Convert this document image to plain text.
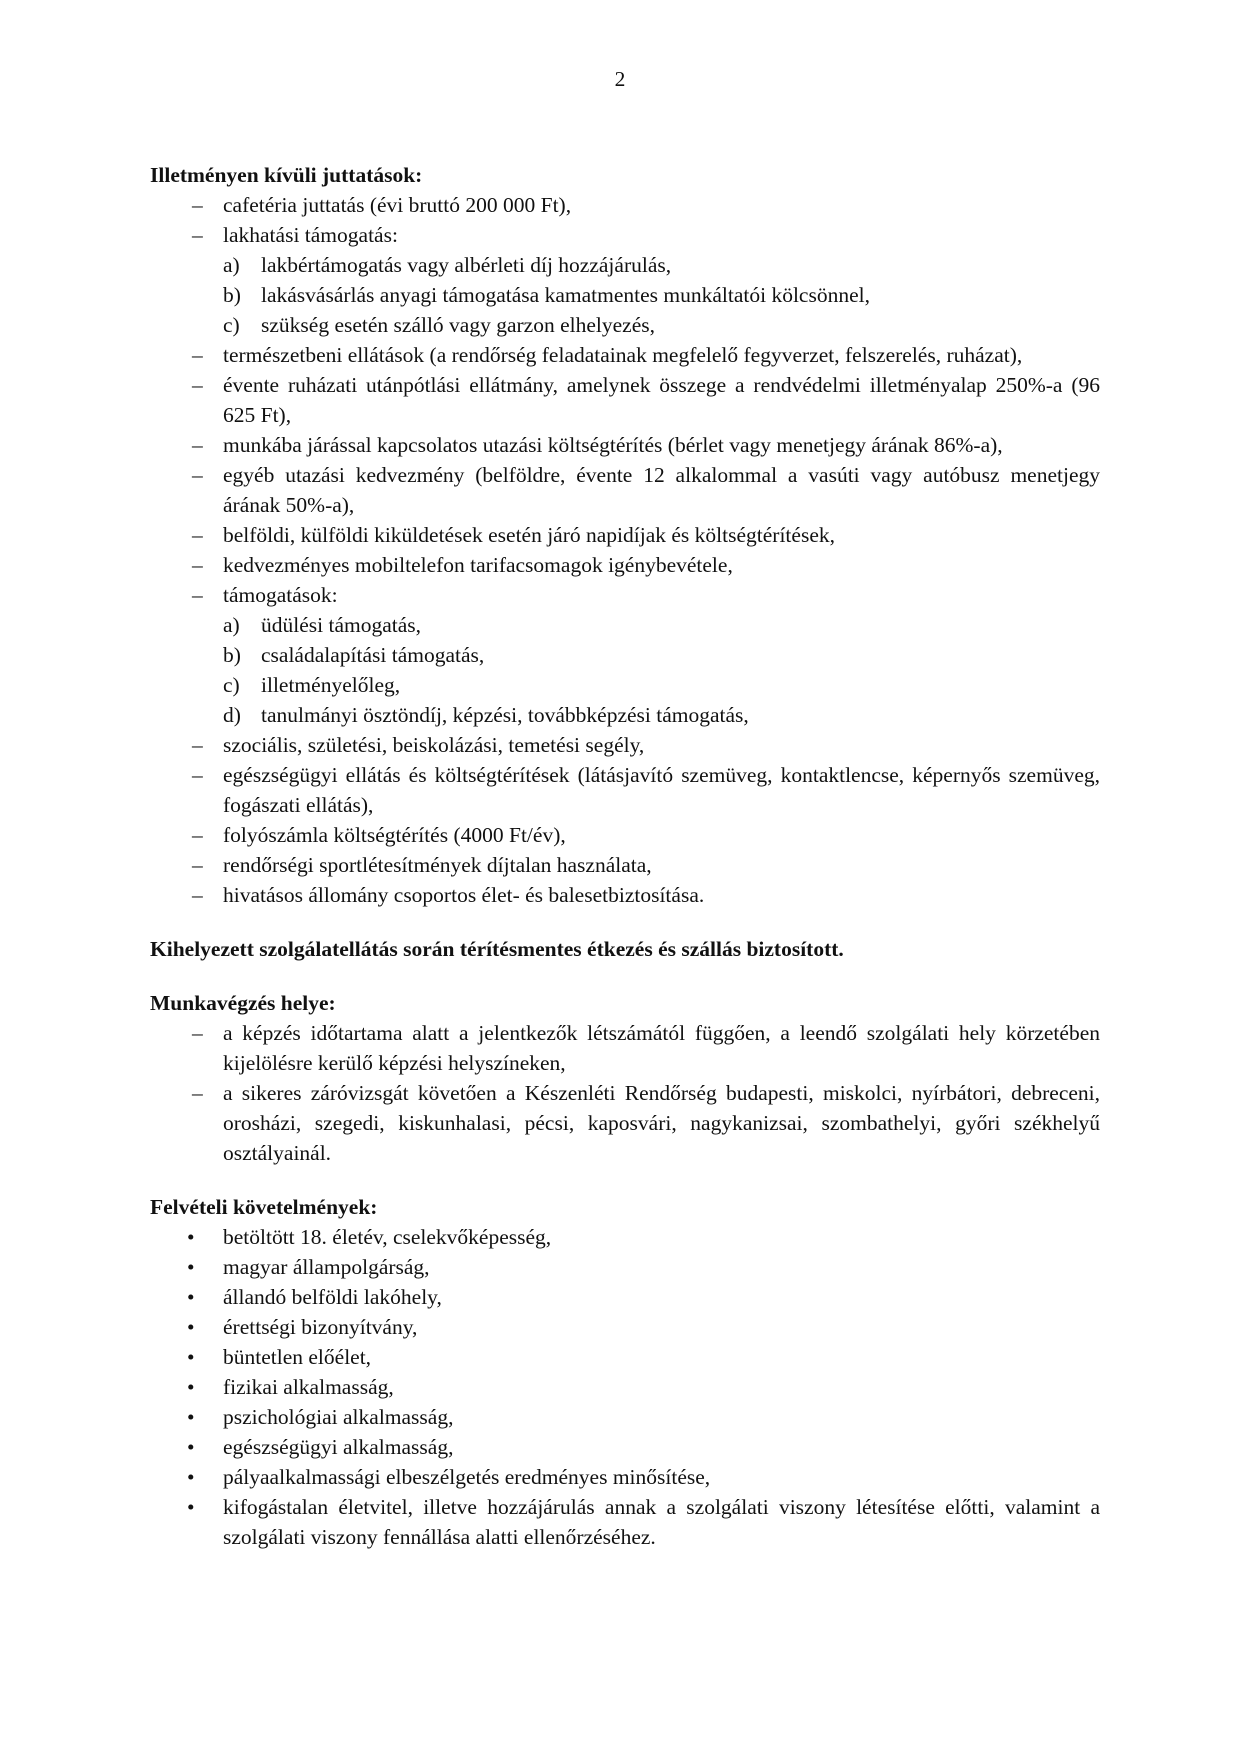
2

Illetményen kívüli juttatások:

– cafetéria juttatás (évi bruttó 200 000 Ft),
– lakhatási támogatás:
a) lakbértámogatás vagy albérleti díj hozzájárulás,
b) lakásvásárlás anyagi támogatása kamatmentes munkáltatói kölcsönnel,
c) szükség esetén szálló vagy garzon elhelyezés,
– természetbeni ellátások (a rendőrség feladatainak megfelelő fegyverzet, felszerelés, ruházat),
– évente ruházati utánpótlási ellátmány, amelynek összege a rendvédelmi illetményalap 250%-a (96 625 Ft),
– munkába járással kapcsolatos utazási költségtérítés (bérlet vagy menetjegy árának 86%-a),
– egyéb utazási kedvezmény (belföldre, évente 12 alkalommal a vasúti vagy autóbusz menetjegy árának 50%-a),
– belföldi, külföldi kiküldetések esetén járó napidíjak és költségtérítések,
– kedvezményes mobiltelefon tarifacsomagok igénybevétele,
– támogatások:
a) üdülési támogatás,
b) családalapítási támogatás,
c) illetményelőleg,
d) tanulmányi ösztöndíj, képzési, továbbképzési támogatás,
– szociális, születési, beiskolázási, temetési segély,
– egészségügyi ellátás és költségtérítések (látásjavító szemüveg, kontaktlencse, képernyős szemüveg, fogászati ellátás),
– folyószámla költségtérítés (4000 Ft/év),
– rendőrségi sportlétesítmények díjtalan használata,
– hivatásos állomány csoportos élet- és balesetbiztosítása.

Kihelyezett szolgálatellátás során térítésmentes étkezés és szállás biztosított.

Munkavégzés helye:

– a képzés időtartama alatt a jelentkezők létszámától függően, a leendő szolgálati hely körzetében kijelölésre kerülő képzési helyszíneken,
– a sikeres záróvizsgát követően a Készenléti Rendőrség budapesti, miskolci, nyírbátori, debreceni, orosházi, szegedi, kiskunhalasi, pécsi, kaposvári, nagykanizsai, szombathelyi, győri székhelyű osztályainál.

Felvételi követelmények:

• betöltött 18. életév, cselekvőképesség,
• magyar állampolgárság,
• állandó belföldi lakóhely,
• érettségi bizonyítvány,
• büntetlen előélet,
• fizikai alkalmasság,
• pszichológiai alkalmasság,
• egészségügyi alkalmasság,
• pályaalkalmassági elbeszélgetés eredményes minősítése,
• kifogástalan életvitel, illetve hozzájárulás annak a szolgálati viszony létesítése előtti, valamint a szolgálati viszony fennállása alatti ellenőrzéséhez.
